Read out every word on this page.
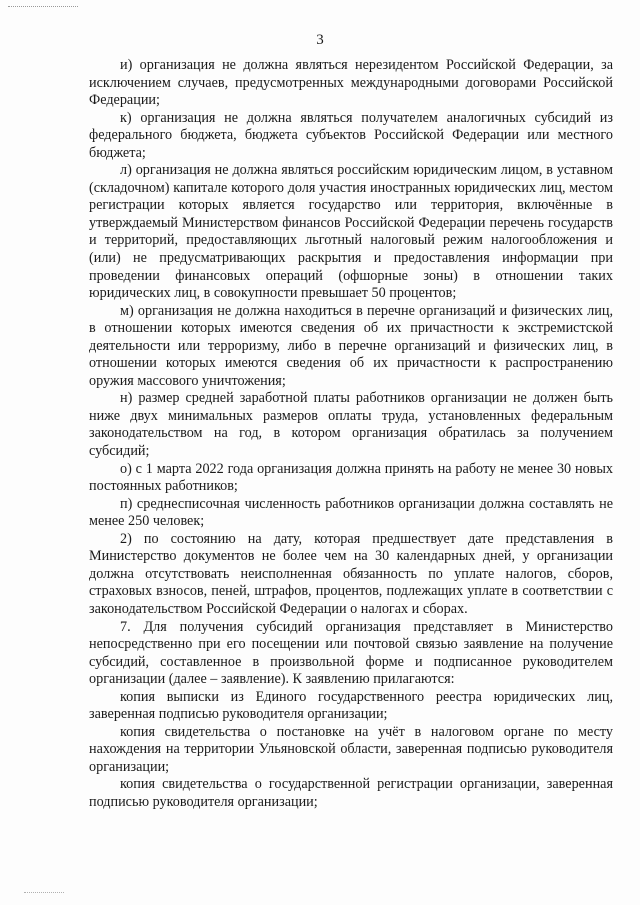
3

и) организация не должна являться нерезидентом Российской Федерации, за исключением случаев, предусмотренных международными договорами Российской Федерации;

к) организация не должна являться получателем аналогичных субсидий из федерального бюджета, бюджета субъектов Российской Федерации или местного бюджета;

л) организация не должна являться российским юридическим лицом, в уставном (складочном) капитале которого доля участия иностранных юридических лиц, местом регистрации которых является государство или территория, включённые в утверждаемый Министерством финансов Российской Федерации перечень государств и территорий, предоставляющих льготный налоговый режим налогообложения и (или) не предусматривающих раскрытия и предоставления информации при проведении финансовых операций (офшорные зоны) в отношении таких юридических лиц, в совокупности превышает 50 процентов;

м) организация не должна находиться в перечне организаций и физических лиц, в отношении которых имеются сведения об их причастности к экстремистской деятельности или терроризму, либо в перечне организаций и физических лиц, в отношении которых имеются сведения об их причастности к распространению оружия массового уничтожения;

н) размер средней заработной платы работников организации не должен быть ниже двух минимальных размеров оплаты труда, установленных федеральным законодательством на год, в котором организация обратилась за получением субсидий;

о) с 1 марта 2022 года организация должна принять на работу не менее 30 новых постоянных работников;

п) среднесписочная численность работников организации должна составлять не менее 250 человек;

2) по состоянию на дату, которая предшествует дате представления в Министерство документов не более чем на 30 календарных дней, у организации должна отсутствовать неисполненная обязанность по уплате налогов, сборов, страховых взносов, пеней, штрафов, процентов, подлежащих уплате в соответствии с законодательством Российской Федерации о налогах и сборах.

7. Для получения субсидий организация представляет в Министерство непосредственно при его посещении или почтовой связью заявление на получение субсидий, составленное в произвольной форме и подписанное руководителем организации (далее – заявление). К заявлению прилагаются:

копия выписки из Единого государственного реестра юридических лиц, заверенная подписью руководителя организации;

копия свидетельства о постановке на учёт в налоговом органе по месту нахождения на территории Ульяновской области, заверенная подписью руководителя организации;

копия свидетельства о государственной регистрации организации, заверенная подписью руководителя организации;
